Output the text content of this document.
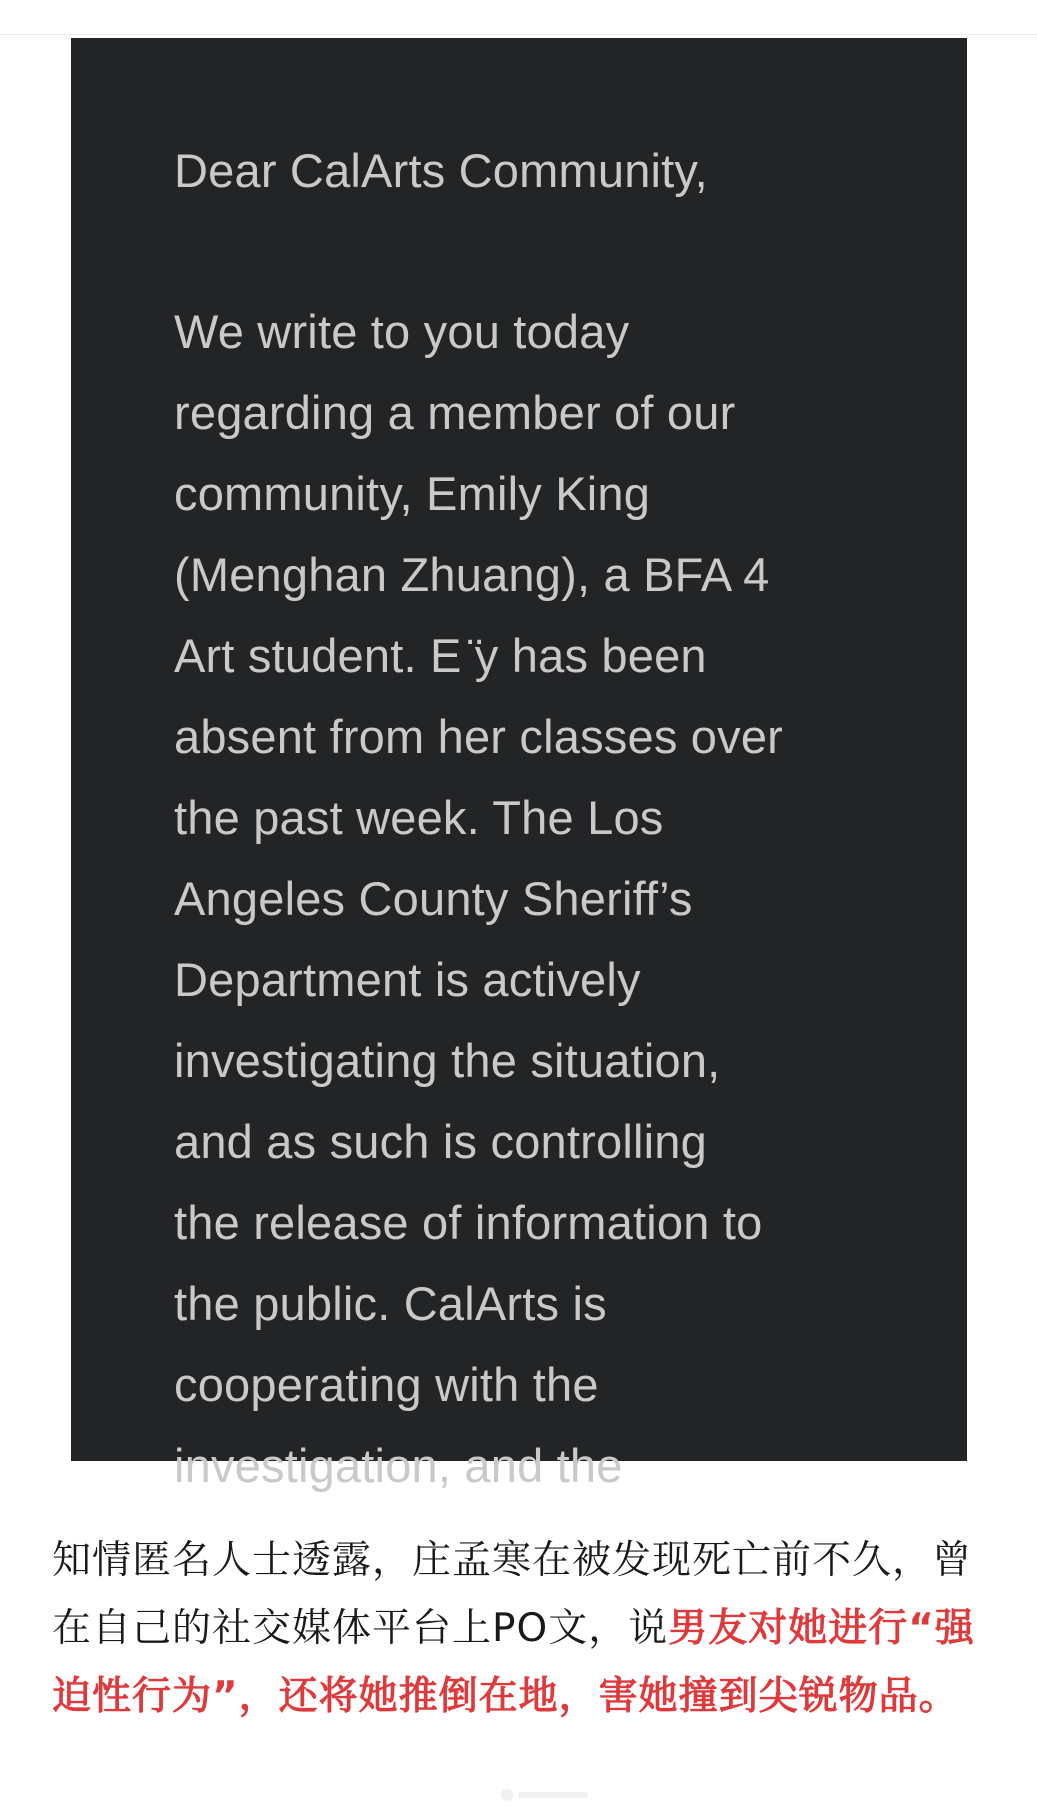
Dear CalArts Community,

We write to you today

regarding a member of our

community, Emily King

(Menghan Zhuang), a BFA 4

Art student. E ̈y has been

absent from her classes over

the past week. The Los

Angeles County Sheriff’s

Department is actively

investigating the situation,

and as such is controlling

the release of information to

the public. CalArts is

cooperating with the

investigation, and the

知情匿名人士透露，庄孟寒在被发现死亡前不久，曾在自己的社交媒体平台上PO文，说男友对她进行“强迫性行为”，还将她推倒在地，害她撞到尖锐物品。
